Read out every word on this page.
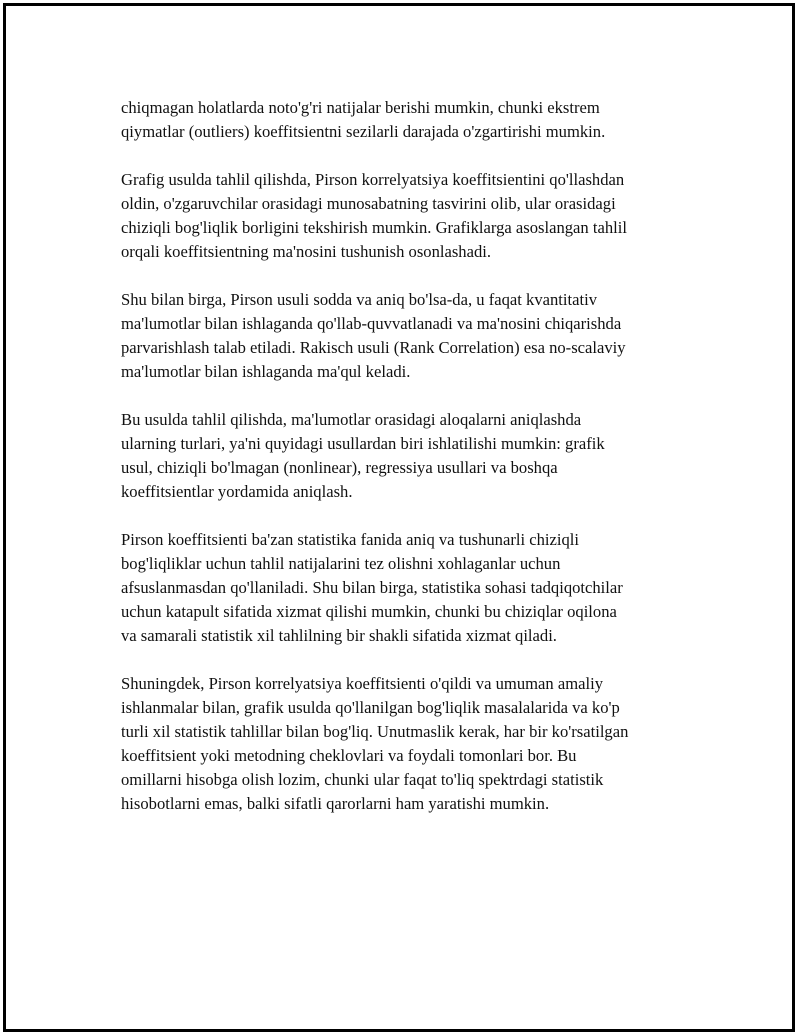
chiqmagan holatlarda noto'g'ri natijalar berishi mumkin, chunki ekstrem
qiymatlar (outliers) koeffitsientni sezilarli darajada o'zgartirishi mumkin.

Grafig usulda tahlil qilishda, Pirson korrelyatsiya koeffitsientini qo'llashdan
oldin, o'zgaruvchilar orasidagi munosabatning tasvirini olib, ular orasidagi
chiziqli bog'liqlik borligini tekshirish mumkin. Grafiklarga asoslangan tahlil
orqali koeffitsientning ma'nosini tushunish osonlashadi.

Shu bilan birga, Pirson usuli sodda va aniq bo'lsa-da, u faqat kvantitativ
ma'lumotlar bilan ishlaganda qo'llab-quvvatlanadi va ma'nosini chiqarishda
parvarishlash talab etiladi. Rakisch usuli (Rank Correlation) esa no-scalaviy
ma'lumotlar bilan ishlaganda ma'qul keladi.

Bu usulda tahlil qilishda, ma'lumotlar orasidagi aloqalarni aniqlashda
ularning turlari, ya'ni quyidagi usullardan biri ishlatilishi mumkin: grafik
usul, chiziqli bo'lmagan (nonlinear), regressiya usullari va boshqa
koeffitsientlar yordamida aniqlash.

Pirson koeffitsienti ba'zan statistika fanida aniq va tushunarli chiziqli
bog'liqliklar uchun tahlil natijalarini tez olishni xohlaganlar uchun
afsuslanmasdan qo'llaniladi. Shu bilan birga, statistika sohasi tadqiqotchilar
uchun katapult sifatida xizmat qilishi mumkin, chunki bu chiziqlar oqilona
va samarali statistik xil tahlilning bir shakli sifatida xizmat qiladi.

Shuningdek, Pirson korrelyatsiya koeffitsienti o'qildi va umuman amaliy
ishlanmalar bilan, grafik usulda qo'llanilgan bog'liqlik masalalarida va ko'p
turli xil statistik tahlillar bilan bog'liq. Unutmaslik kerak, har bir ko'rsatilgan
koeffitsient yoki metodning cheklovlari va foydali tomonlari bor. Bu
omillarni hisobga olish lozim, chunki ular faqat to'liq spektrdagi statistik
hisobotlarni emas, balki sifatli qarorlarni ham yaratishi mumkin.
